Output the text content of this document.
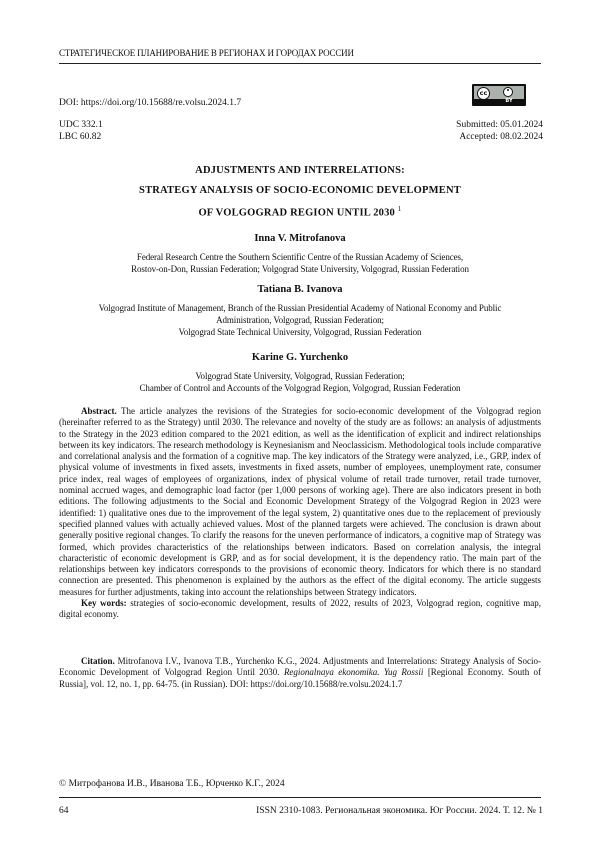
СТРАТЕГИЧЕСКОЕ ПЛАНИРОВАНИЕ В РЕГИОНАХ И ГОРОДАХ РОССИИ
DOI: https://doi.org/10.15688/re.volsu.2024.1.7
cc
BY
UDC 332.1
LBC 60.82
Submitted: 05.01.2024
Accepted: 08.02.2024
ADJUSTMENTS AND INTERRELATIONS:
STRATEGY ANALYSIS OF SOCIO-ECONOMIC DEVELOPMENT
OF VOLGOGRAD REGION UNTIL 2030 $^1$
Inna V. Mitrofanova
Federal Research Centre the Southern Scientific Centre of the Russian Academy of Sciences,
Rostov-on-Don, Russian Federation; Volgograd State University, Volgograd, Russian Federation
Tatiana B. Ivanova
Volgograd Institute of Management, Branch of the Russian Presidential Academy of National Economy and Public
Administration, Volgograd, Russian Federation;
Volgograd State Technical University, Volgograd, Russian Federation
Karine G. Yurchenko
Volgograd State University, Volgograd, Russian Federation;
Chamber of Control and Accounts of the Volgograd Region, Volgograd, Russian Federation

Abstract. The article analyzes the revisions of the Strategies for socio-economic development of the Volgograd region (hereinafter referred to as the Strategy) until 2030. The relevance and novelty of the study are as follows: an analysis of adjustments to the Strategy in the 2023 edition compared to the 2021 edition, as well as the identification of explicit and indirect relationships between its key indicators. The research methodology is Keynesianism and Neoclassicism. Methodological tools include comparative and correlational analysis and the formation of a cognitive map. The key indicators of the Strategy were analyzed, i.e., GRP, index of physical volume of investments in fixed assets, investments in fixed assets, number of employees, unemployment rate, consumer price index, real wages of employees of organizations, index of physical volume of retail trade turnover, retail trade turnover, nominal accrued wages, and demographic load factor (per 1,000 persons of working age). There are also indicators present in both editions. The following adjustments to the Social and Economic Development Strategy of the Volgograd Region in 2023 were identified: 1) qualitative ones due to the improvement of the legal system, 2) quantitative ones due to the replacement of previously specified planned values with actually achieved values. Most of the planned targets were achieved. The conclusion is drawn about generally positive regional changes. To clarify the reasons for the uneven performance of indicators, a cognitive map of Strategy was formed, which provides characteristics of the relationships between indicators. Based on correlation analysis, the integral characteristic of economic development is GRP, and as for social development, it is the dependency ratio. The main part of the relationships between key indicators corresponds to the provisions of economic theory. Indicators for which there is no standard connection are presented. This phenomenon is explained by the authors as the effect of the digital economy. The article suggests measures for further adjustments, taking into account the relationships between Strategy indicators.

Key words: strategies of socio-economic development, results of 2022, results of 2023, Volgograd region, cognitive map, digital economy.

Citation. Mitrofanova I.V., Ivanova T.B., Yurchenko K.G., 2024. Adjustments and Interrelations: Strategy Analysis of Socio-Economic Development of Volgograd Region Until 2030. Regionalnaya ekonomika. Yug Rossii [Regional Economy. South of Russia], vol. 12, no. 1, pp. 64-75. (in Russian). DOI: https://doi.org/10.15688/re.volsu.2024.1.7

© Митрофанова И.В., Иванова Т.Б., Юрченко К.Г., 2024
64	ISSN 2310-1083. Региональная экономика. Юг России. 2024. Т. 12. № 1
